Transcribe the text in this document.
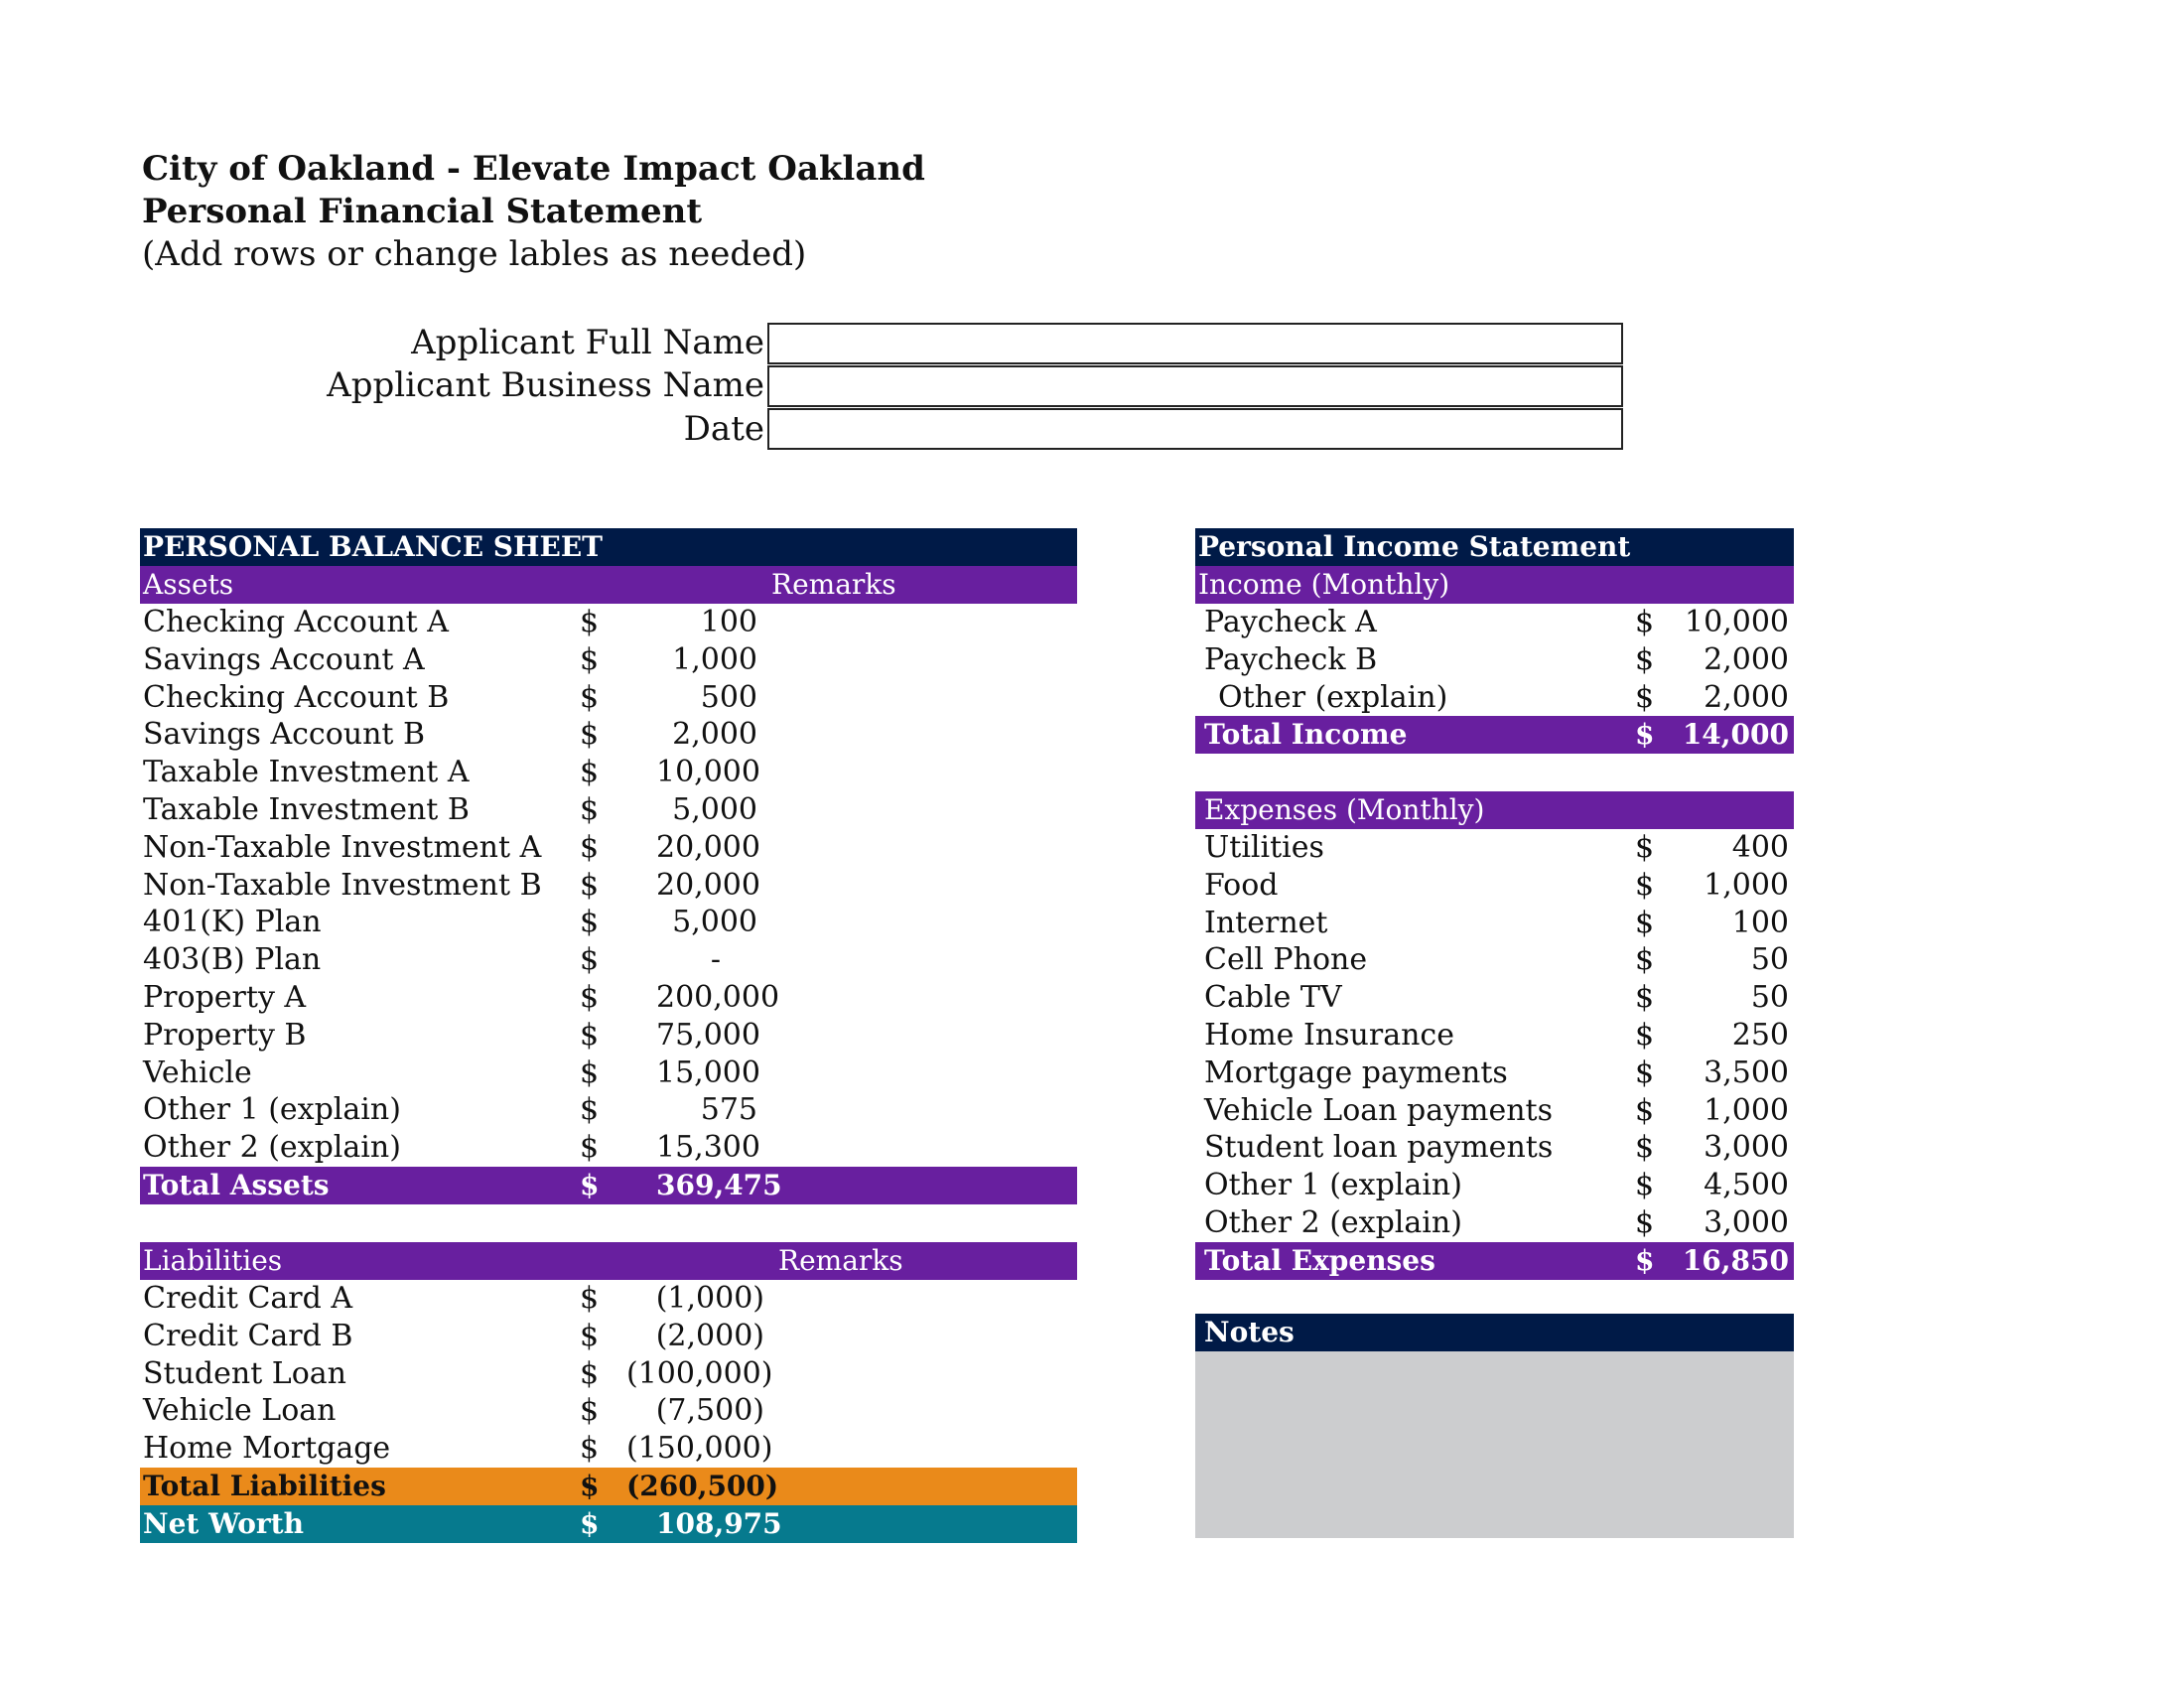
City of Oakland - Elevate Impact Oakland
Personal Financial Statement
(Add rows or change lables as needed)
Applicant Full Name
Applicant Business Name
Date
PERSONAL BALANCE SHEET
Assets	Remarks
Checking Account A	$	100
Savings Account A	$	1,000
Checking Account B	$	500
Savings Account B	$	2,000
Taxable Investment A	$ 10,000
Taxable Investment B	$	5,000
Non-Taxable Investment A $ 20,000
Non-Taxable Investment B $ 20,000
401(K) Plan	$	5,000
403(B) Plan	$	-
Property A	$ 200,000
Property B	$ 75,000
Vehicle	$ 15,000
Other 1 (explain)	$	575
Other 2 (explain)	$ 15,300
Total Assets	$ 369,475
Liabilities	Remarks
Credit Card A	$	(1,000)
Credit Card B	$	(2,000)
Student Loan	$ (100,000)
Vehicle Loan	$	(7,500)
Home Mortgage	$ (150,000)
Total Liabilities	$ (260,500)
Net Worth	$ 108,975
Personal Income Statement
Income (Monthly)
Paycheck A	$	10,000
Paycheck B	$	2,000
Other (explain)	$	2,000
Total Income	$	14,000
Expenses (Monthly)
Utilities	$	400
Food	$	1,000
Internet	$	100
Cell Phone	$	50
Cable TV	$	50
Home Insurance	$	250
Mortgage payments	$	3,500
Vehicle Loan payments	$	1,000
Student loan payments	$	3,000
Other 1 (explain)	$	4,500
Other 2 (explain)	$	3,000
Total Expenses	$	16,850
Notes
